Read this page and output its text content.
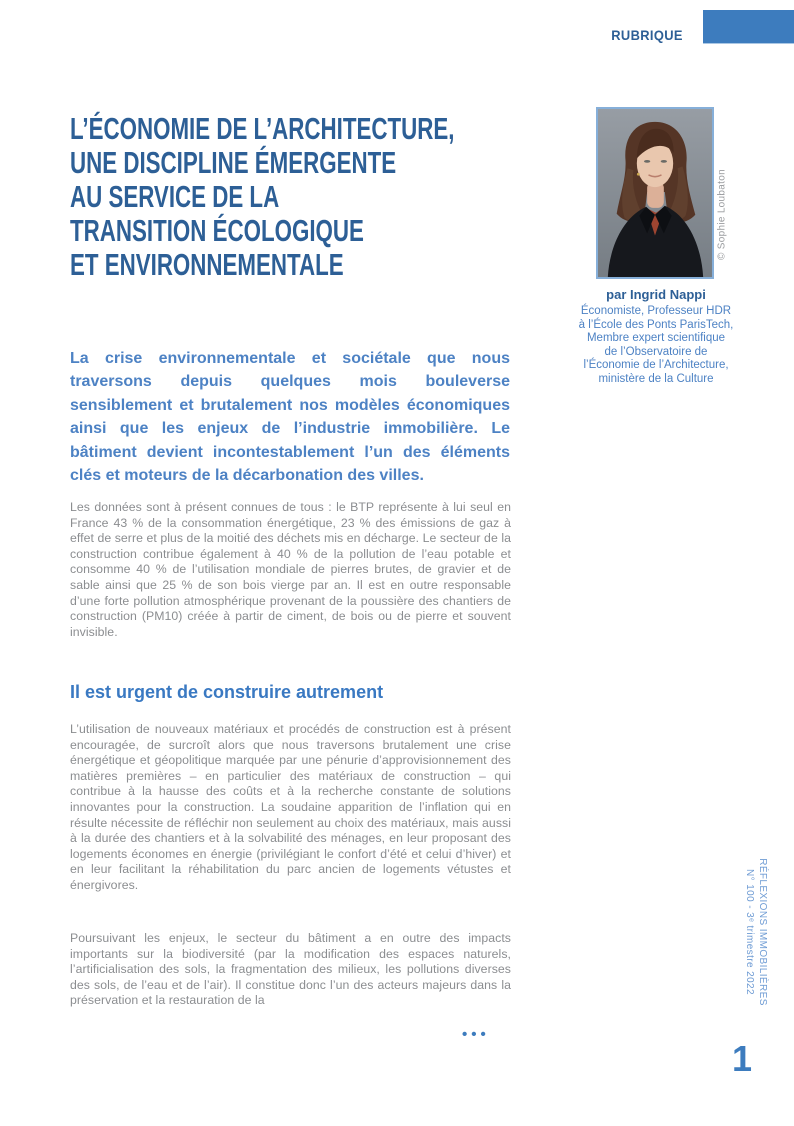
RUBRIQUE
L’ÉCONOMIE DE L’ARCHITECTURE,
UNE DISCIPLINE ÉMERGENTE
AU SERVICE DE LA
TRANSITION ÉCOLOGIQUE
ET ENVIRONNEMENTALE

La crise environnementale et sociétale que nous traversons depuis quelques mois bouleverse sensiblement et brutalement nos modèles économiques ainsi que les enjeux de l’industrie immobilière. Le bâtiment devient incontestablement l’un des éléments clés et moteurs de la décarbonation des villes.

Les données sont à présent connues de tous : le BTP représente à lui seul en France 43 % de la consommation énergétique, 23 % des émissions de gaz à effet de serre et plus de la moitié des déchets mis en décharge. Le secteur de la construction contribue également à 40 % de la pollution de l’eau potable et consomme 40 % de l’utilisation mondiale de pierres brutes, de gravier et de sable ainsi que 25 % de son bois vierge par an. Il est en outre responsable d’une forte pollution atmosphérique provenant de la poussière des chantiers de construction (PM10) créée à partir de ciment, de bois ou de pierre et souvent invisible.

Il est urgent de construire autrement

L’utilisation de nouveaux matériaux et procédés de construction est à présent encouragée, de surcroît alors que nous traversons brutalement une crise énergétique et géopolitique marquée par une pénurie d’approvisionnement des matières premières – en particulier des matériaux de construction – qui contribue à la hausse des coûts et à la recherche constante de solutions innovantes pour la construction. La soudaine apparition de l’inflation qui en résulte nécessite de réfléchir non seulement au choix des matériaux, mais aussi à la durée des chantiers et à la solvabilité des ménages, en leur proposant des logements économes en énergie (privilégiant le confort d’été et celui d’hiver) et en leur facilitant la réhabilitation du parc ancien de logements vétustes et énergivores.

Poursuivant les enjeux, le secteur du bâtiment a en outre des impacts importants sur la biodiversité (par la modification des espaces naturels, l’artificialisation des sols, la fragmentation des milieux, les pollutions diverses des sols, de l’eau et de l’air). Il constitue donc l’un des acteurs majeurs dans la préservation et la restauration de la

•••
© Sophie Loubaton
par Ingrid Nappi
Économiste, Professeur HDR
à l’École des Ponts ParisTech,
Membre expert scientifique
de l’Observatoire de
l’Économie de l’Architecture,
ministère de la Culture
RÉFLEXIONS IMMOBILIÈRES
N° 100 - 3ᵉ trimestre 2022
1
